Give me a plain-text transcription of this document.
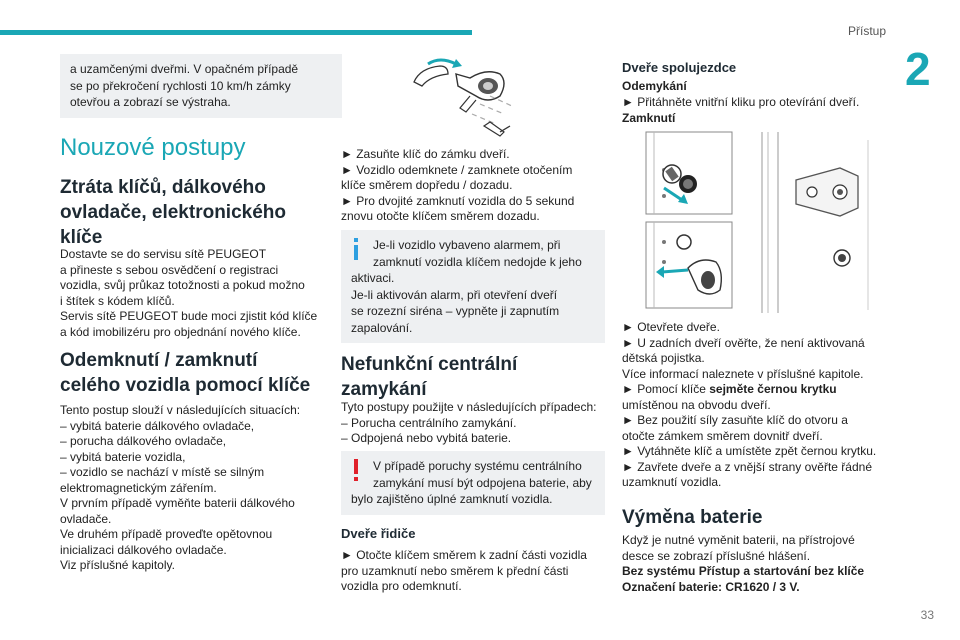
Přístup
2
33
a uzamčenými dveřmi. V opačném případě
se po překročení rychlosti 10 km/h zámky
otevřou a zobrazí se výstraha.
Nouzové postupy
Ztráta klíčů, dálkového
ovladače, elektronického
klíče
Dostavte se do servisu sítě PEUGEOT
a přineste s sebou osvědčení o registraci
vozidla, svůj průkaz totožnosti a pokud možno
i štítek s kódem klíčů.
Servis sítě PEUGEOT bude moci zjistit kód klíče
a kód imobilizéru pro objednání nového klíče.
Odemknutí / zamknutí
celého vozidla pomocí klíče
Tento postup slouží v následujících situacích:
– vybitá baterie dálkového ovladače,
– porucha dálkového ovladače,
– vybitá baterie vozidla,
– vozidlo se nachází v místě se silným
elektromagnetickým zářením.
V prvním případě vyměňte baterii dálkového
ovladače.
Ve druhém případě proveďte opětovnou
inicializaci dálkového ovladače.
Viz příslušné kapitoly.
► Zasuňte klíč do zámku dveří.
► Vozidlo odemknete / zamknete otočením
klíče směrem dopředu / dozadu.
► Pro dvojité zamknutí vozidla do 5 sekund
znovu otočte klíčem směrem dozadu.
Je-li vozidlo vybaveno alarmem, při
zamknutí vozidla klíčem nedojde k jeho
aktivaci.
Je-li aktivován alarm, při otevření dveří
se rozezní siréna – vypněte ji zapnutím
zapalování.
Nefunkční centrální
zamykání
Tyto postupy použijte v následujících případech:
– Porucha centrálního zamykání.
– Odpojená nebo vybitá baterie.
V případě poruchy systému centrálního
zamykání musí být odpojena baterie, aby
bylo zajištěno úplné zamknutí vozidla.
Dveře řidiče
► Otočte klíčem směrem k zadní části vozidla
pro uzamknutí nebo směrem k přední části
vozidla pro odemknutí.
Dveře spolujezdce
Odemykání
► Přitáhněte vnitřní kliku pro otevírání dveří.
Zamknutí
► Otevřete dveře.
► U zadních dveří ověřte, že není aktivovaná
dětská pojistka.
Více informací naleznete v příslušné kapitole.
► Pomocí klíče sejměte černou krytku
umístěnou na obvodu dveří.
► Bez použití síly zasuňte klíč do otvoru a
otočte zámkem směrem dovnitř dveří.
► Vytáhněte klíč a umístěte zpět černou krytku.
► Zavřete dveře a z vnější strany ověřte řádné
uzamknutí vozidla.
Výměna baterie
Když je nutné vyměnit baterii, na přístrojové
desce se zobrazí příslušné hlášení.
Bez systému Přístup a startování bez klíče
Označení baterie: CR1620 / 3 V.
